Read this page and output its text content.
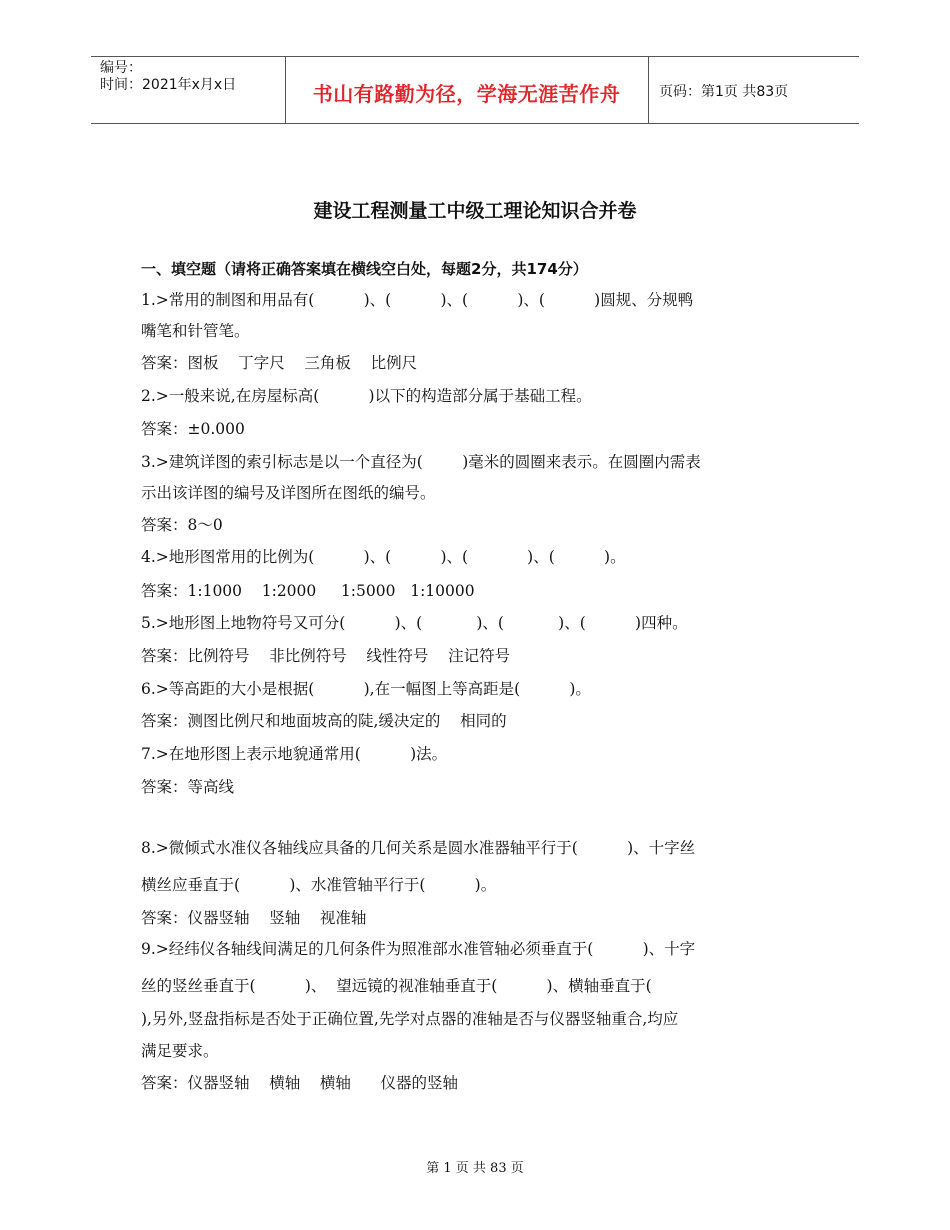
编号：
时间：2021年x月x日	书山有路勤为径，学海无涯苦作舟	页码：第1页 共83页
建设工程测量工中级工理论知识合并卷
一、填空题（请将正确答案填在横线空白处，每题2分，共174分）
1.>常用的制图和用品有(          )、(          )、(          )、(          )圆规、分规鸭
嘴笔和针管笔。
答案：图板    丁字尺    三角板    比例尺
2.>一般来说,在房屋标高(          )以下的构造部分属于基础工程。
答案：±0.000
3.>建筑详图的索引标志是以一个直径为(        )毫米的圆圈来表示。在圆圈内需表
示出该详图的编号及详图所在图纸的编号。
答案：8～0
4.>地形图常用的比例为(          )、(          )、(            )、(          )。
答案：1:1000    1:2000     1:5000   1:10000
5.>地形图上地物符号又可分(          )、(           )、(           )、(          )四种。
答案：比例符号    非比例符号    线性符号    注记符号
6.>等高距的大小是根据(          ),在一幅图上等高距是(          )。
答案：测图比例尺和地面坡高的陡,缓决定的    相同的
7.>在地形图上表示地貌通常用(          )法。
答案：等高线
8.>微倾式水准仪各轴线应具备的几何关系是圆水准器轴平行于(          )、十字丝
横丝应垂直于(          )、水准管轴平行于(          )。
答案：仪器竖轴    竖轴    视准轴
9.>经纬仪各轴线间满足的几何条件为照准部水准管轴必须垂直于(          )、十字
丝的竖丝垂直于(          )、  望远镜的视准轴垂直于(          )、横轴垂直于(
),另外,竖盘指标是否处于正确位置,先学对点器的准轴是否与仪器竖轴重合,均应
满足要求。
答案：仪器竖轴    横轴    横轴      仪器的竖轴
第 1 页 共 83 页
